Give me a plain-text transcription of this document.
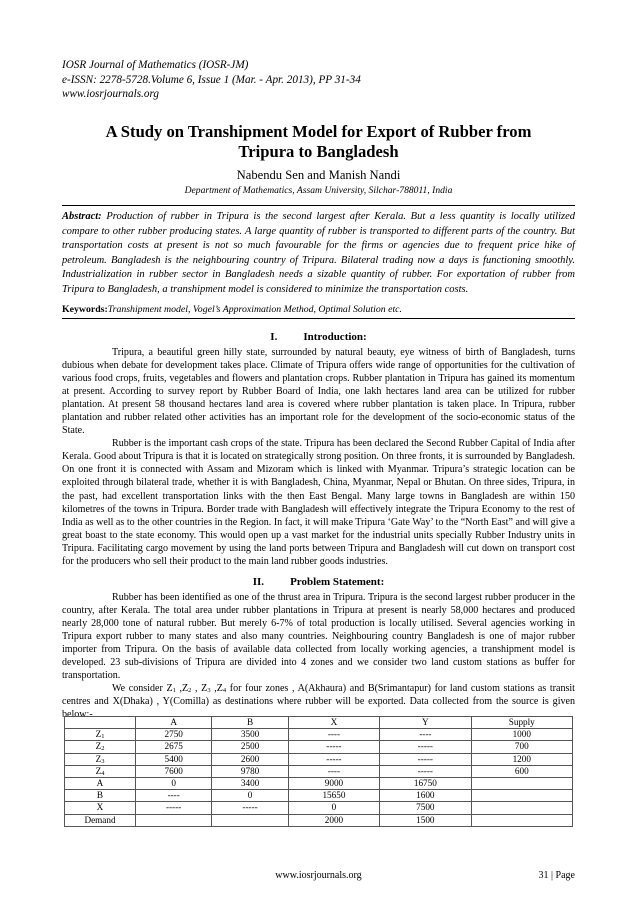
IOSR Journal of Mathematics (IOSR-JM)
e-ISSN: 2278-5728.Volume 6, Issue 1 (Mar. - Apr. 2013), PP 31-34
www.iosrjournals.org
A Study on Transhipment Model for Export of Rubber from
Tripura to Bangladesh
Nabendu Sen and Manish Nandi
Department of Mathematics, Assam University, Silchar-788011, India
Abstract: Production of rubber in Tripura is the second largest after Kerala. But a less quantity is locally utilized compare to other rubber producing states. A large quantity of rubber is transported to different parts of the country. But transportation costs at present is not so much favourable for the firms or agencies due to frequent price hike of petroleum. Bangladesh is the neighbouring country of Tripura. Bilateral trading now a days is functioning smoothly. Industrialization in rubber sector in Bangladesh needs a sizable quantity of rubber. For exportation of rubber from Tripura to Bangladesh, a transhipment model is considered to minimize the transportation costs.
Keywords:Transhipment model, Vogel’s Approximation Method, Optimal Solution etc.
I. Introduction:

Tripura, a beautiful green hilly state, surrounded by natural beauty, eye witness of birth of Bangladesh, turns dubious when debate for development takes place. Climate of Tripura offers wide range of opportunities for the cultivation of various food crops, fruits, vegetables and flowers and plantation crops. Rubber plantation in Tripura has gained its momentum at present. According to survey report by Rubber Board of India, one lakh hectares land area can be utilized for rubber plantation. At present 58 thousand hectares land area is covered where rubber plantation is taken place. In Tripura, rubber plantation and rubber related other activities has an important role for the development of the socio-economic status of the State.

Rubber is the important cash crops of the state. Tripura has been declared the Second Rubber Capital of India after Kerala. Good about Tripura is that it is located on strategically strong position. On three fronts, it is surrounded by Bangladesh. On one front it is connected with Assam and Mizoram which is linked with Myanmar. Tripura’s strategic location can be exploited through bilateral trade, whether it is with Bangladesh, China, Myanmar, Nepal or Bhutan. On three sides, Tripura, in the past, had excellent transportation links with the then East Bengal. Many large towns in Bangladesh are within 150 kilometres of the towns in Tripura. Border trade with Bangladesh will effectively integrate the Tripura Economy to the rest of India as well as to the other countries in the Region. In fact, it will make Tripura ‘Gate Way’ to the “North East” and will give a great boast to the state economy. This would open up a vast market for the industrial units specially Rubber Industry units in Tripura. Facilitating cargo movement by using the land ports between Tripura and Bangladesh will cut down on transport cost for the producers who sell their product to the main land rubber goods industries.

II. Problem Statement:

Rubber has been identified as one of the thrust area in Tripura. Tripura is the second largest rubber producer in the country, after Kerala. The total area under rubber plantations in Tripura at present is nearly 58,000 hectares and produced nearly 28,000 tone of natural rubber. But merely 6-7% of total production is locally utilised. Several agencies working in Tripura export rubber to many states and also many countries. Neighbouring country Bangladesh is one of major rubber importer from Tripura. On the basis of available data collected from locally working agencies, a transhipment model is developed. 23 sub-divisions of Tripura are divided into 4 zones and we consider two land custom stations as buffer for transportation.

We consider $Z_1$ $,Z_2$ , $Z_3$ $,Z_4$ for four zones , A(Akhaura) and B(Srimantapur) for land custom stations as transit centres and X(Dhaka) , Y(Comilla) as destinations where rubber will be exported. Data collected from the source is given below:-

	A	B	X	Y	Supply
$Z_1$	2750	3500	----	----	1000
$Z_2$	2675	2500	-----	-----	700
$Z_3$	5400	2600	-----	-----	1200
$Z_4$	7600	9780	----	-----	600
A	0	3400	9000	16750	
B	----	0	15650	1600	
X	-----	-----	0	7500	
Demand			2000	1500	
www.iosrjournals.org	31 | Page
